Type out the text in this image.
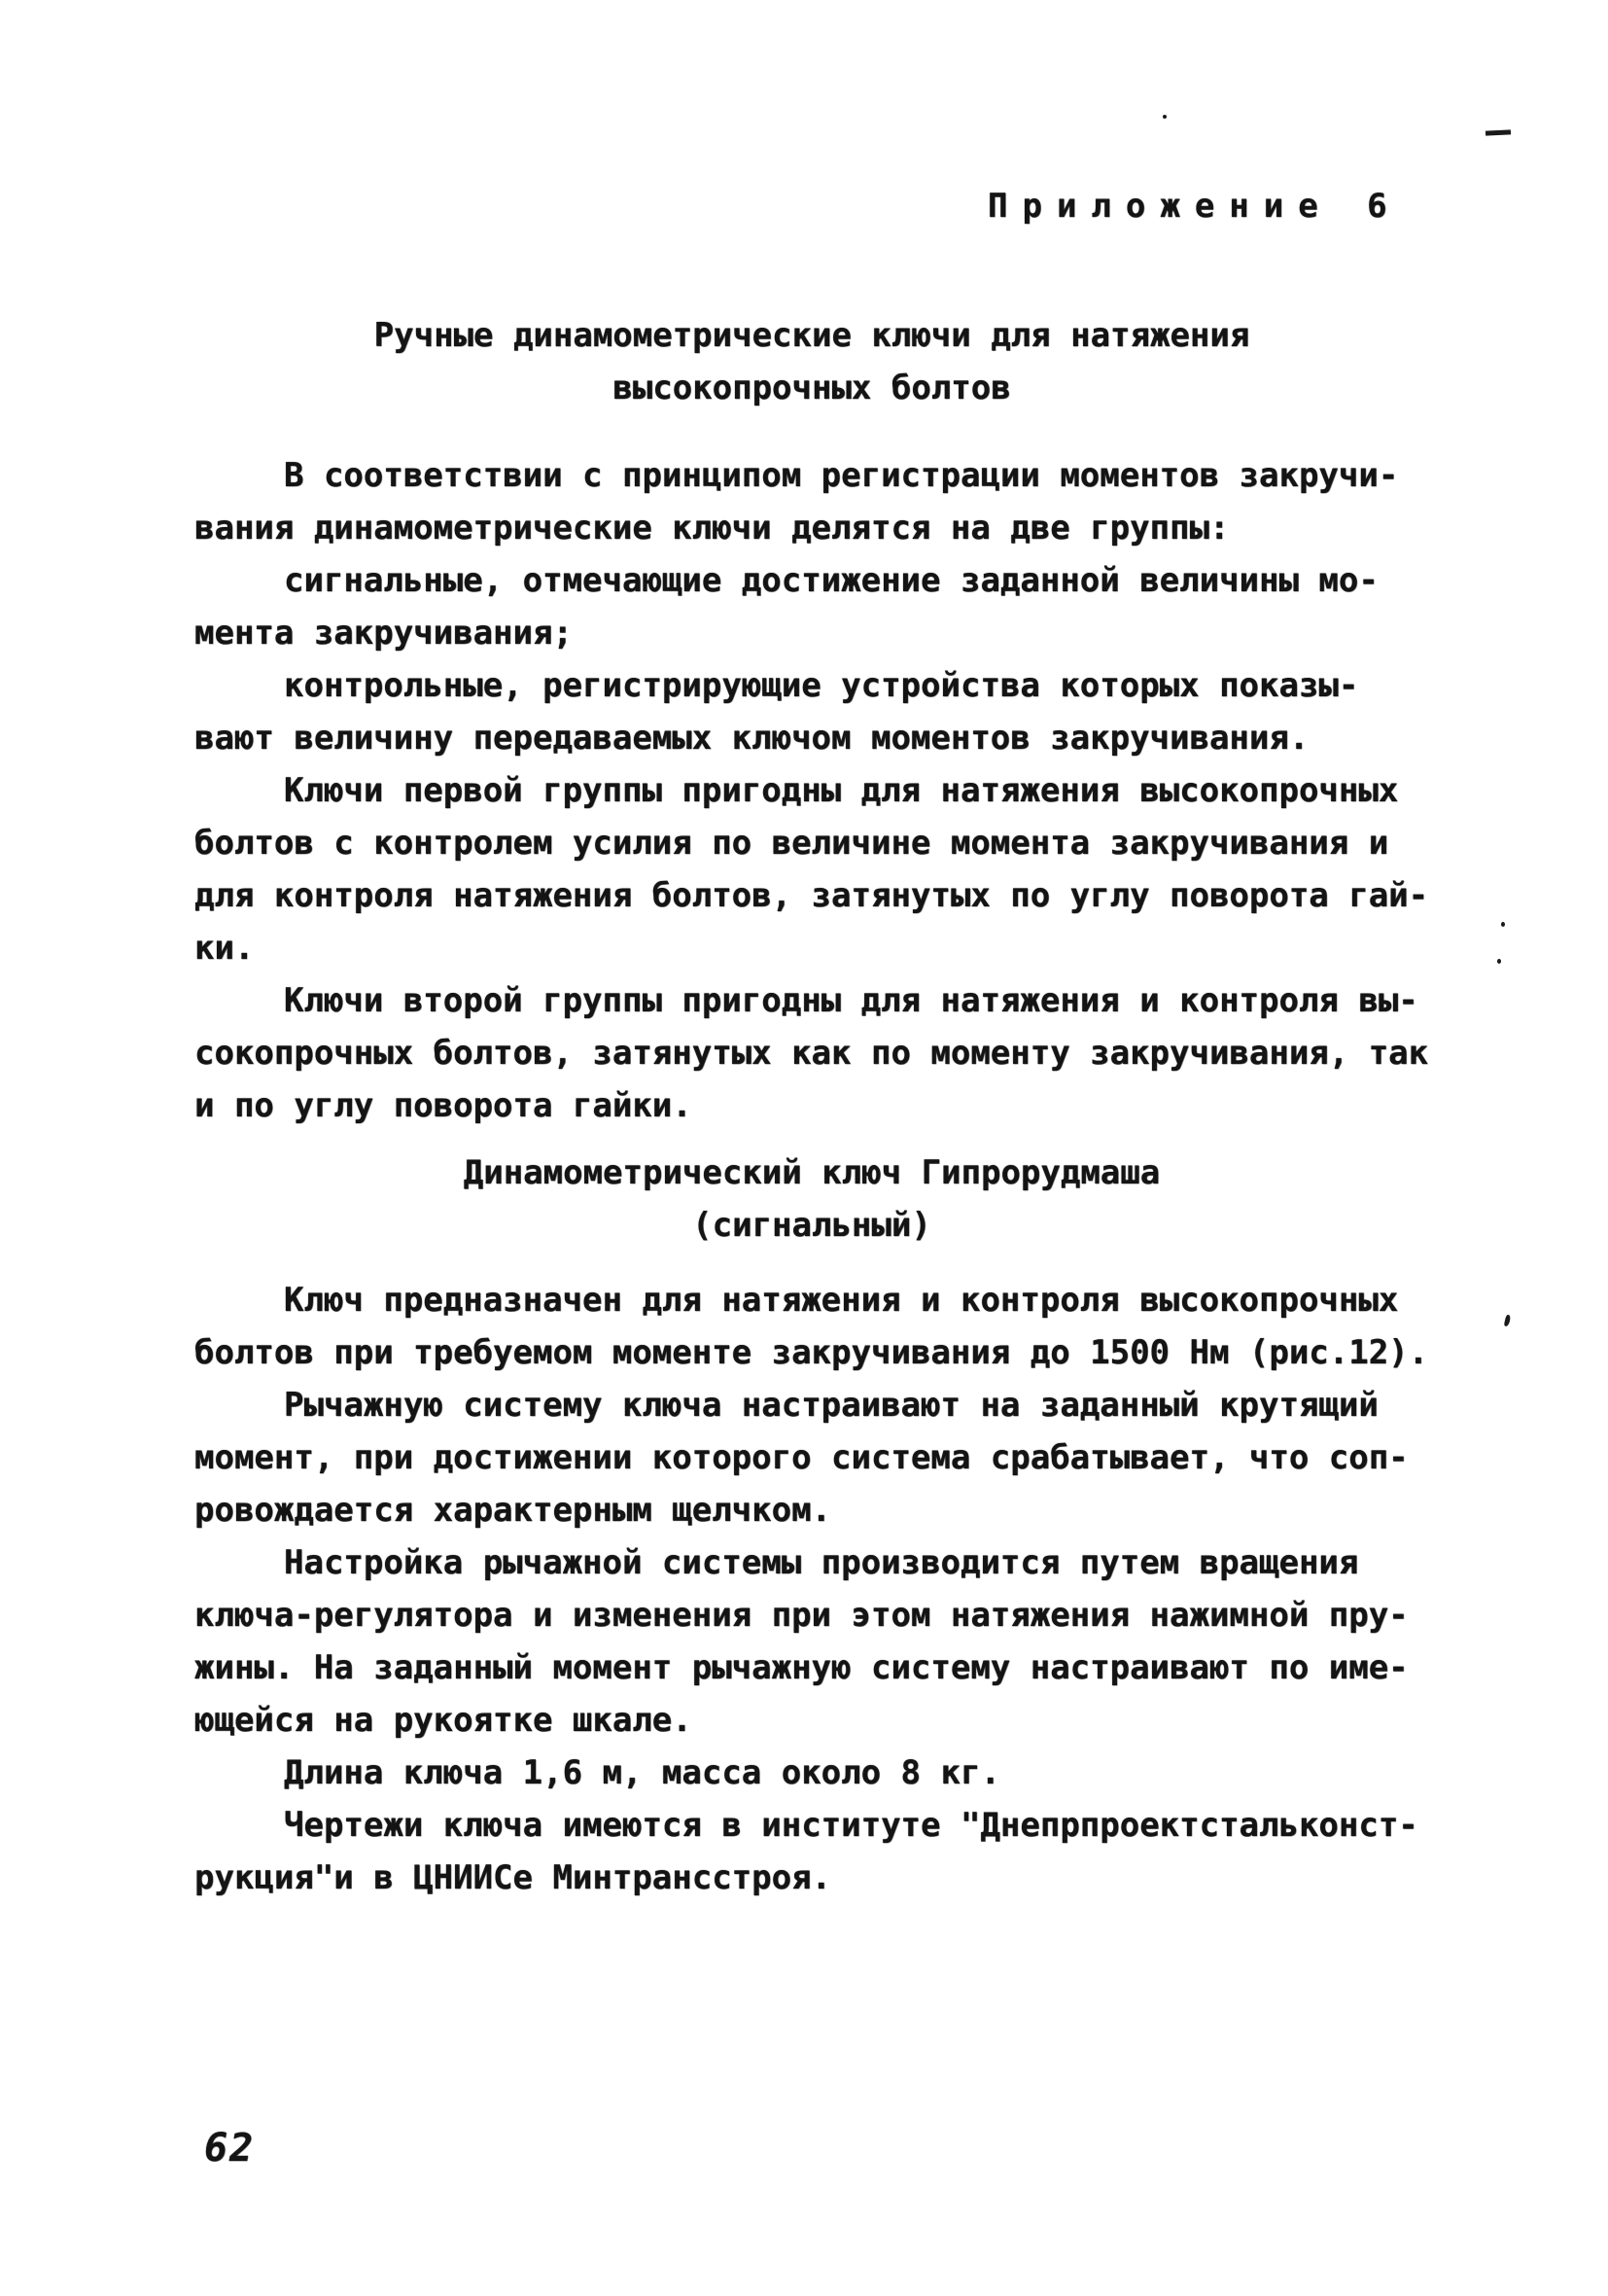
Приложение 6
Ручные динамометрические ключи для натяжения
высокопрочных болтов
В соответствии с принципом регистрации моментов закручи-
вания динамометрические ключи делятся на две группы:
сигнальные, отмечающие достижение заданной величины мо-
мента закручивания;
контрольные, регистрирующие устройства которых показы-
вают величину передаваемых ключом моментов закручивания.
Ключи первой группы пригодны для натяжения высокопрочных
болтов с контролем усилия по величине момента закручивания и
для контроля натяжения болтов, затянутых по углу поворота гай-
ки.
Ключи второй группы пригодны для натяжения и контроля вы-
сокопрочных болтов, затянутых как по моменту закручивания, так
и по углу поворота гайки.
Динамометрический ключ Гипрорудмаша
(сигнальный)
Ключ предназначен для натяжения и контроля высокопрочных
болтов при требуемом моменте закручивания до 1500 Нм (рис.12).
Рычажную систему ключа настраивают на заданный крутящий
момент, при достижении которого система срабатывает, что соп-
ровождается характерным щелчком.
Настройка рычажной системы производится путем вращения
ключа-регулятора и изменения при этом натяжения нажимной пру-
жины. На заданный момент рычажную систему настраивают по име-
ющейся на рукоятке шкале.
Длина ключа 1,6 м, масса около 8 кг.
Чертежи ключа имеются в институте "Днепрпроектстальконст-
рукция"и в ЦНИИСе Минтрансстроя.
62
